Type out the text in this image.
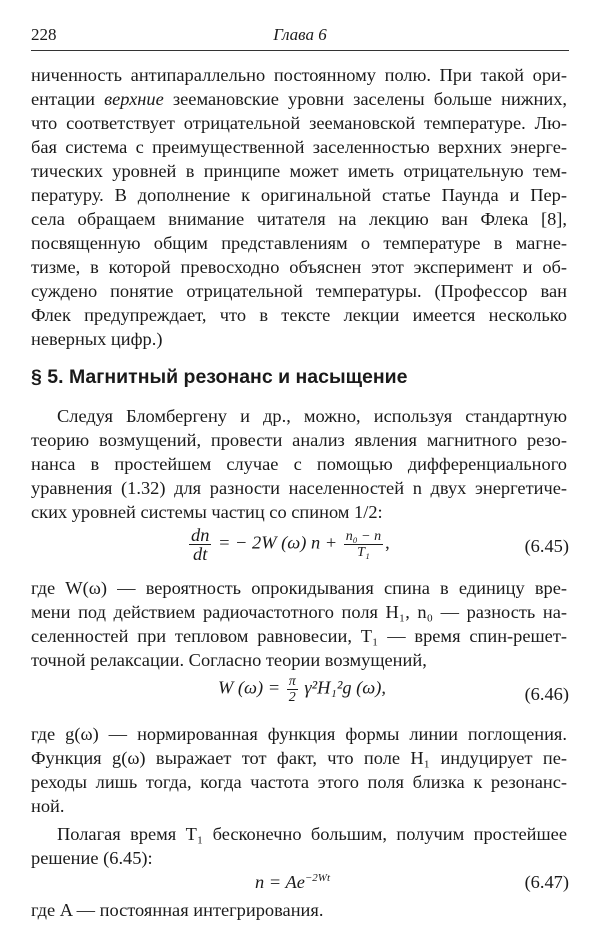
228	Глава 6
ниченность антипараллельно постоянному полю. При такой ори-
ентации верхние зеемановские уровни заселены больше нижних,
что соответствует отрицательной зеемановской температуре. Лю-
бая система с преимущественной заселенностью верхних энерге-
тических уровней в принципе может иметь отрицательную тем-
пературу. В дополнение к оригинальной статье Паунда и Пер-
села обращаем внимание читателя на лекцию ван Флека [8],
посвященную общим представлениям о температуре в магне-
тизме, в которой превосходно объяснен этот эксперимент и об-
суждено понятие отрицательной температуры. (Профессор ван
Флек предупреждает, что в тексте лекции имеется несколько
неверных цифр.)
§ 5. Магнитный резонанс и насыщение
Следуя Бломбергену и др., можно, используя стандартную
теорию возмущений, провести анализ явления магнитного резо-
нанса в простейшем случае с помощью дифференциального
уравнения (1.32) для разности населенностей n двух энергетиче-
ских уровней системы частиц со спином 1/2:
$\frac{dn}{dt}$ = − 2W (ω) $n + \frac{\text{n₀ − n}}{\text{T₁}}$ ,	(6.45)
где W(ω) — вероятность опрокидывания спина в единицу вре-
мени под действием радиочастотного поля H₁, n₀ — разность на-
селенностей при тепловом равновесии, T₁ — время спин-решет-
точной релаксации. Согласно теории возмущений,
W $(\omega) = \frac{\pi}{2} \gamma^2H_1^2g$ (ω),	(6.46)
где g(ω) — нормированная функция формы линии поглощения.
Функция g(ω) выражает тот факт, что поле H₁ индуцирует пе-
реходы лишь тогда, когда частота этого поля близка к резонанс-
ной.
Полагая время T₁ бесконечно большим, получим простейшее
решение (6.45):
$n = Ae^{-2Wt}$	(6.47)
где A — постоянная интегрирования.
